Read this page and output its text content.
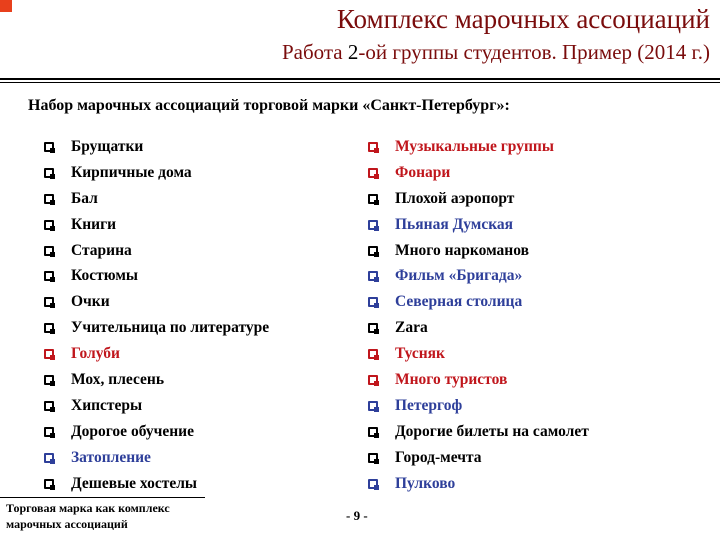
Комплекс марочных ассоциаций
Работа 2-ой группы студентов. Пример (2014 г.)
Набор марочных ассоциаций торговой марки «Санкт-Петербург»:
Брущатки
Кирпичные дома
Бал
Книги
Старина
Костюмы
Очки
Учительница по литературе
Голуби
Мох, плесень
Хипстеры
Дорогое обучение
Затопление
Дешевые хостелы
Музыкальные группы
Фонари
Плохой аэропорт
Пьяная Думская
Много наркоманов
Фильм «Бригада»
Северная столица
Zara
Тусняк
Много туристов
Петергоф
Дорогие билеты на самолет
Город-мечта
Пулково
Торговая марка как комплекс марочных ассоциаций
- 9 -
